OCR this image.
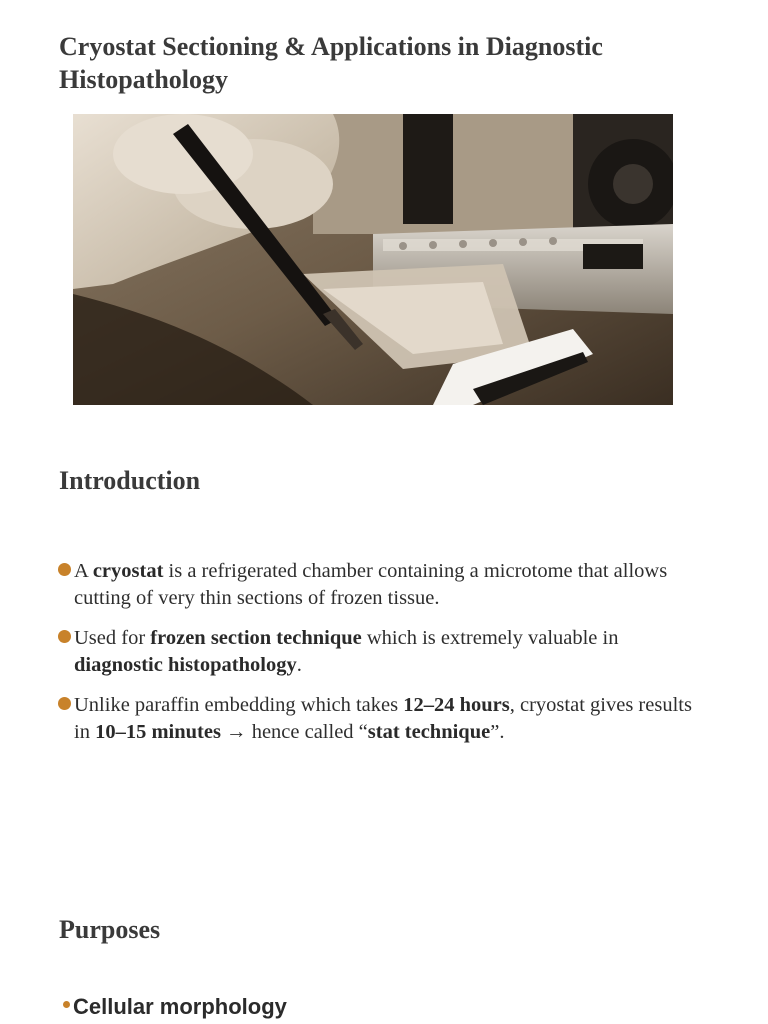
Cryostat Sectioning & Applications in Diagnostic Histopathology
Introduction
A cryostat is a refrigerated chamber containing a microtome that allows cutting of very thin sections of frozen tissue.
Used for frozen section technique which is extremely valuable in diagnostic histopathology.
Unlike paraffin embedding which takes 12–24 hours, cryostat gives results in 10–15 minutes → hence called “stat technique”.
Purposes
Cellular morphology
